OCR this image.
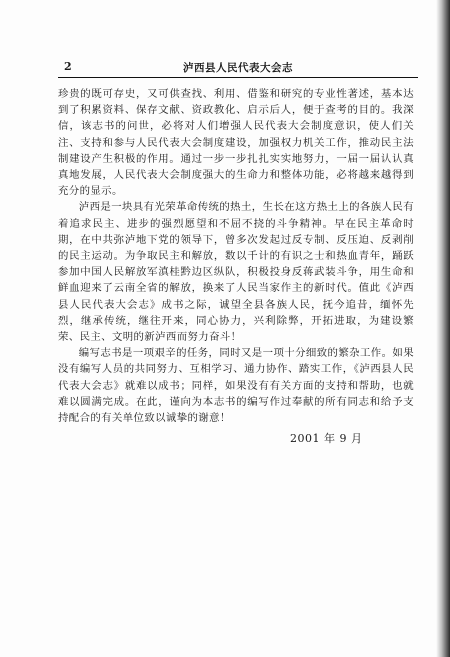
2	泸西县人民代表大会志

珍贵的既可存史，又可供查找、利用、借鉴和研究的专业性著述，基本达到了积累资料、保存文献、资政教化、启示后人，便于查考的目的。我深信，该志书的问世，必将对人们增强人民代表大会制度意识，使人们关注、支持和参与人民代表大会制度建设，加强权力机关工作，推动民主法制建设产生积极的作用。通过一步一步扎扎实实地努力，一届一届认认真真地发展，人民代表大会制度强大的生命力和整体功能，必将越来越得到充分的显示。

泸西是一块具有光荣革命传统的热土，生长在这方热土上的各族人民有着追求民主、进步的强烈愿望和不屈不挠的斗争精神。早在民主革命时期，在中共弥泸地下党的领导下，曾多次发起过反专制、反压迫、反剥削的民主运动。为争取民主和解放，数以千计的有识之士和热血青年，踊跃参加中国人民解放军滇桂黔边区纵队，积极投身反蒋武装斗争，用生命和鲜血迎来了云南全省的解放，换来了人民当家作主的新时代。值此《泸西县人民代表大会志》成书之际，诚望全县各族人民，抚今追昔，缅怀先烈，继承传统，继往开来，同心协力，兴利除弊，开拓进取，为建设繁荣、民主、文明的新泸西而努力奋斗！

编写志书是一项艰辛的任务，同时又是一项十分细致的繁杂工作。如果没有编写人员的共同努力、互相学习、通力协作、踏实工作，《泸西县人民代表大会志》就难以成书；同样，如果没有有关方面的支持和帮助，也就难以圆满完成。在此，谨向为本志书的编写作过奉献的所有同志和给予支持配合的有关单位致以诚挚的谢意！

2001 年 9 月
